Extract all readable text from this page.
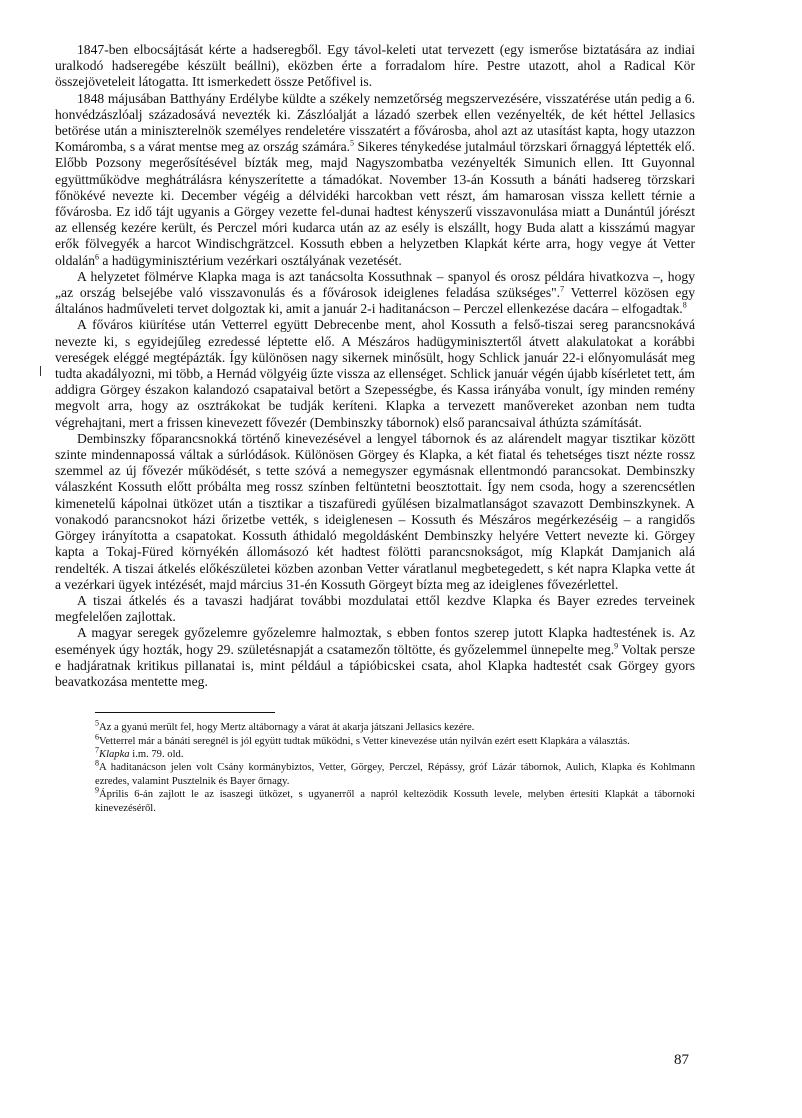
1847-ben elbocsájtását kérte a hadseregből. Egy távol-keleti utat tervezett (egy ismerőse biztatására az indiai uralkodó hadseregébe készült beállni), eközben érte a forradalom híre. Pestre utazott, ahol a Radical Kör összejöveteleit látogatta. Itt ismerkedett össze Petőfivel is.

1848 májusában Batthyány Erdélybe küldte a székely nemzetőrség megszervezésére, visszatérése után pedig a 6. honvédzászlóalj századosává nevezték ki. Zászlóalját a lázadó szerbek ellen vezényelték, de két héttel Jellasics betörése után a miniszterelnök személyes rendeletére visszatért a fővárosba, ahol azt az utasítást kapta, hogy utazzon Komáromba, s a várat mentse meg az ország számára.$^5$ Sikeres ténykedése jutalmául törzskari őrnaggyá léptették elő. Előbb Pozsony megerősítésével bízták meg, majd Nagyszombatba vezényelték Simunich ellen. Itt Guyonnal együttműködve meghátrálásra kényszerítette a támadókat. November 13-án Kossuth a bánáti hadsereg törzskari főnökévé nevezte ki. December végéig a délvidéki harcokban vett részt, ám hamarosan vissza kellett térnie a fővárosba. Ez idő tájt ugyanis a Görgey vezette fel-dunai hadtest kényszerű visszavonulása miatt a Dunántúl jórészt az ellenség kezére került, és Perczel móri kudarca után az az esély is elszállt, hogy Buda alatt a kisszámú magyar erők fölvegyék a harcot Windischgrätzcel. Kossuth ebben a helyzetben Klapkát kérte arra, hogy vegye át Vetter oldalán$^6$ a hadügyminisztérium vezérkari osztályának vezetését.

A helyzetet fölmérve Klapka maga is azt tanácsolta Kossuthnak – spanyol és orosz példára hivatkozva –, hogy „az ország belsejébe való visszavonulás és a fővárosok ideiglenes feladása szükséges".$^7$ Vetterrel közösen egy általános hadműveleti tervet dolgoztak ki, amit a január 2-i haditanácson – Perczel ellenkezése dacára – elfogadtak.$^8$

A főváros kiürítése után Vetterrel együtt Debrecenbe ment, ahol Kossuth a felső-tiszai sereg parancsnokává nevezte ki, s egyidejűleg ezredessé léptette elő. A Mészáros hadügyminisztertől átvett alakulatokat a korábbi vereségek eléggé megtépázták. Így különösen nagy sikernek minősült, hogy Schlick január 22-i előnyomulását meg tudta akadályozni, mi több, a Hernád völgyéig űzte vissza az ellenséget. Schlick január végén újabb kísérletet tett, ám addigra Görgey északon kalandozó csapataival betört a Szepességbe, és Kassa irányába vonult, így minden remény megvolt arra, hogy az osztrákokat be tudják keríteni. Klapka a tervezett manővereket azonban nem tudta végrehajtani, mert a frissen kinevezett fővezér (Dembinszky tábornok) első parancsaival áthúzta számítását.

Dembinszky főparancsnokká történő kinevezésével a lengyel tábornok és az alárendelt magyar tisztikar között szinte mindennapossá váltak a súrlódások. Különösen Görgey és Klapka, a két fiatal és tehetséges tiszt nézte rossz szemmel az új fővezér működését, s tette szóvá a nemegyszer egymásnak ellentmondó parancsokat. Dembinszky válaszként Kossuth előtt próbálta meg rossz színben feltüntetni beosztottait. Így nem csoda, hogy a szerencsétlen kimenetelű kápolnai ütközet után a tisztikar a tiszafüredi gyűlésen bizalmatlanságot szavazott Dembinszkynek. A vonakodó parancsnokot házi őrizetbe vették, s ideiglenesen – Kossuth és Mészáros megérkezéséig – a rangidős Görgey irányította a csapatokat. Kossuth áthidaló megoldásként Dembinszky helyére Vettert nevezte ki. Görgey kapta a Tokaj-Füred környékén állomásozó két hadtest fölötti parancsnokságot, míg Klapkát Damjanich alá rendelték. A tiszai átkelés előkészületei közben azonban Vetter váratlanul megbetegedett, s két napra Klapka vette át a vezérkari ügyek intézését, majd március 31-én Kossuth Görgeyt bízta meg az ideiglenes fővezérlettel.

A tiszai átkelés és a tavaszi hadjárat további mozdulatai ettől kezdve Klapka és Bayer ezredes terveinek megfelelően zajlottak.

A magyar seregek győzelemre győzelemre halmoztak, s ebben fontos szerep jutott Klapka hadtestének is. Az események úgy hozták, hogy 29. születésnapját a csatamezőn töltötte, és győzelemmel ünnepelte meg.$^9$ Voltak persze e hadjáratnak kritikus pillanatai is, mint például a tápióbicskei csata, ahol Klapka hadtestét csak Görgey gyors beavatkozása mentette meg.

$^5$Az a gyanú merült fel, hogy Mertz altábornagy a várat át akarja játszani Jellasics kezére.

$^6$Vetterrel már a bánáti seregnél is jól együtt tudtak működni, s Vetter kinevezése után nyilván ezért esett Klapkára a választás.

$^7$Klapka i.m. 79. old.

$^8$A haditanácson jelen volt Csány kormánybiztos, Vetter, Görgey, Perczel, Répássy, gróf Lázár tábornok, Aulich, Klapka és Kohlmann ezredes, valamint Pusztelnik és Bayer őrnagy.

$^9$Április 6-án zajlott le az isaszegi ütközet, s ugyanerről a napról keltezödik Kossuth levele, melyben értesíti Klapkát a tábornoki kinevezéséről.

87
